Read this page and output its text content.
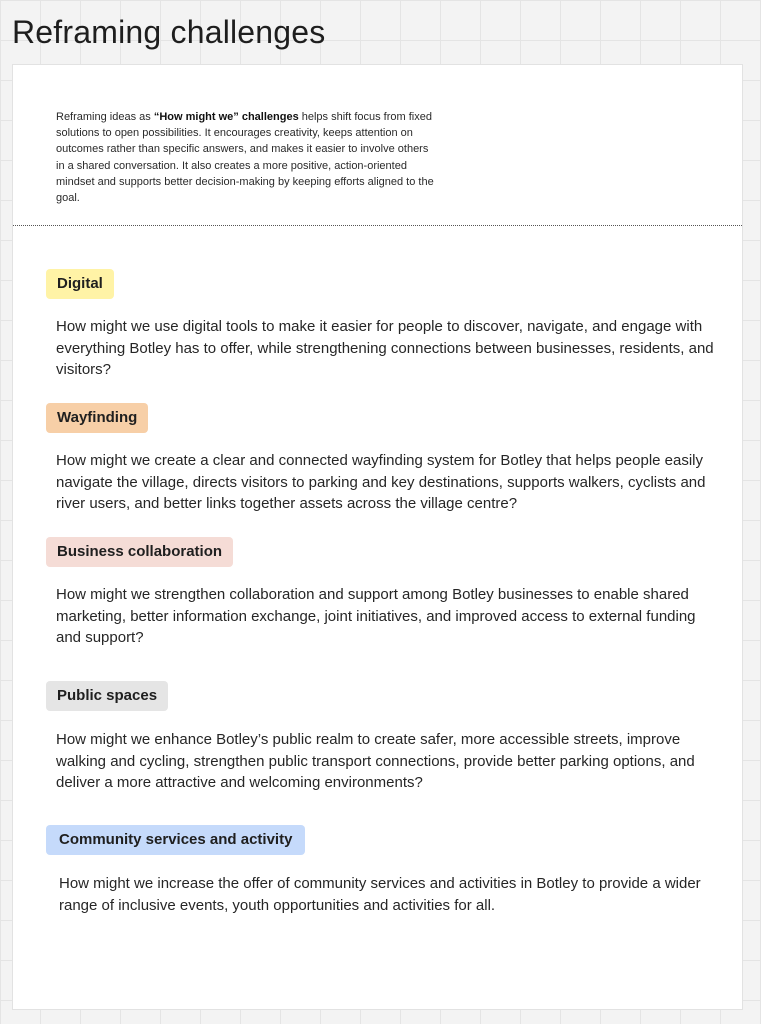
Reframing challenges

Reframing ideas as “How might we” challenges helps shift focus from fixed solutions to open possibilities. It encourages creativity, keeps attention on outcomes rather than specific answers, and makes it easier to involve others in a shared conversation. It also creates a more positive, action-oriented mindset and supports better decision-making by keeping efforts aligned to the goal.

Digital
How might we use digital tools to make it easier for people to discover, navigate, and engage with everything Botley has to offer, while strengthening connections between businesses, residents, and visitors?
Wayfinding
How might we create a clear and connected wayfinding system for Botley that helps people easily navigate the village, directs visitors to parking and key destinations, supports walkers, cyclists and river users, and better links together assets across the village centre?
Business collaboration
How might we strengthen collaboration and support among Botley businesses to enable shared marketing, better information exchange, joint initiatives, and improved access to external funding and support?
Public spaces
How might we enhance Botley’s public realm to create safer, more accessible streets, improve walking and cycling, strengthen public transport connections, provide better parking options, and deliver a more attractive and welcoming environments?
Community services and activity
How might we increase the offer of community services and activities in Botley to provide a wider range of inclusive events, youth opportunities and activities for all.
